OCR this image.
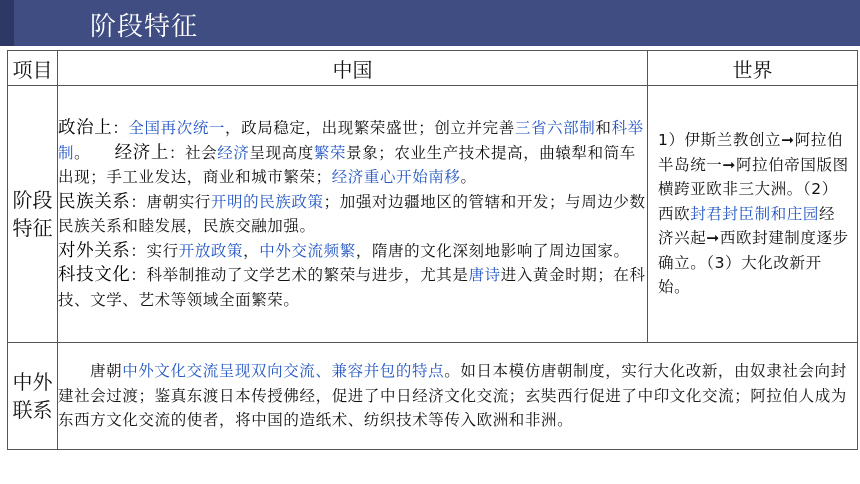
阶段特征
项目	中国	世界
阶段特征	政治上：全国再次统一，政局稳定，出现繁荣盛世；创立并完善三省六部制和科举制。　　经济上：社会经济呈现高度繁荣景象；农业生产技术提高，曲辕犁和筒车出现；手工业发达，商业和城市繁荣；经济重心开始南移。
民族关系：唐朝实行开明的民族政策；加强对边疆地区的管辖和开发；与周边少数民族关系和睦发展，民族交融加强。
对外关系：实行开放政策，中外交流频繁，隋唐的文化深刻地影响了周边国家。　　科技文化：科举制推动了文学艺术的繁荣与进步，尤其是唐诗进入黄金时期；在科技、文学、艺术等领域全面繁荣。	1）伊斯兰教创立➞阿拉伯半岛统一➞阿拉伯帝国版图横跨亚欧非三大洲。（2）西欧封君封臣制和庄园经济兴起➞西欧封建制度逐步确立。（3）大化改新开始。

中外联系	唐朝中外文化交流呈现双向交流、兼容并包的特点。如日本模仿唐朝制度，实行大化改新，由奴隶社会向封建社会过渡；鉴真东渡日本传授佛经，促进了中日经济文化交流；玄奘西行促进了中印文化交流；阿拉伯人成为东西方文化交流的使者，将中国的造纸术、纺织技术等传入欧洲和非洲。	
